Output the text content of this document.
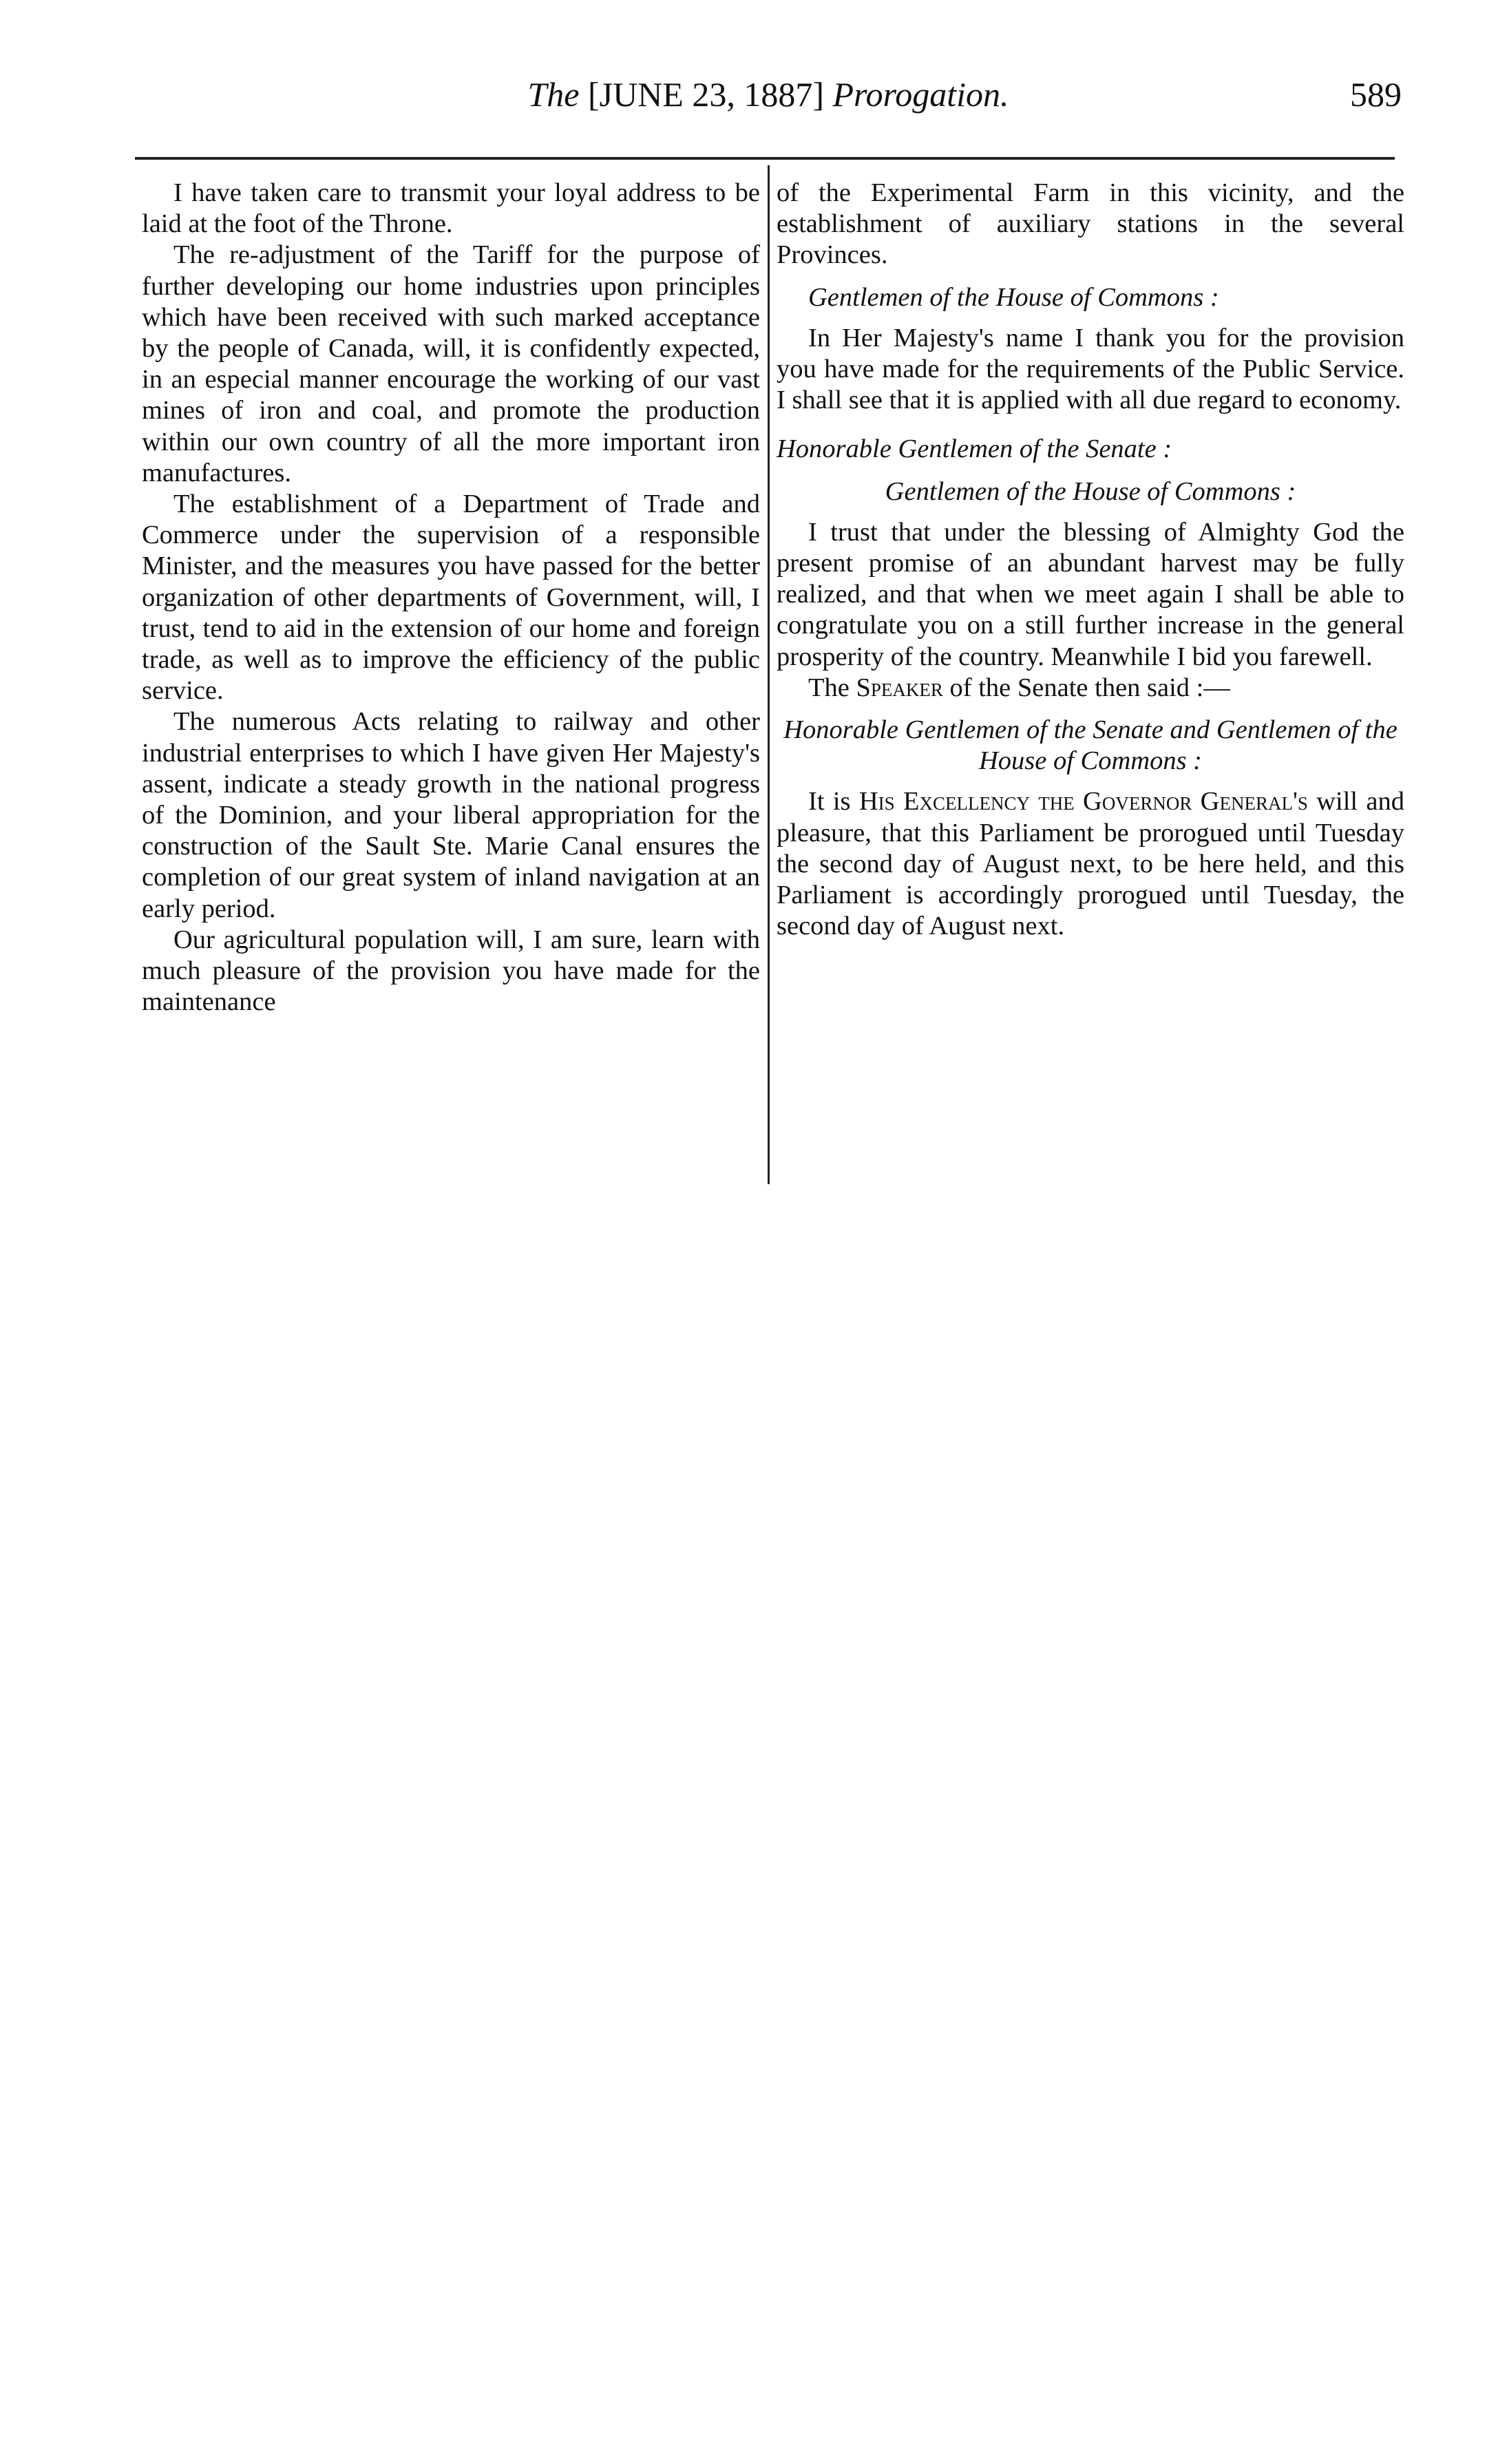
The [JUNE 23, 1887] Prorogation.	589

I have taken care to transmit your loyal address to be laid at the foot of the Throne.

The re-adjustment of the Tariff for the purpose of further developing our home industries upon principles which have been received with such marked acceptance by the people of Canada, will, it is confidently expected, in an especial manner encourage the working of our vast mines of iron and coal, and promote the production within our own country of all the more important iron manufactures.

The establishment of a Department of Trade and Commerce under the supervision of a responsible Minister, and the measures you have passed for the better organization of other departments of Government, will, I trust, tend to aid in the extension of our home and foreign trade, as well as to improve the efficiency of the public service.

The numerous Acts relating to railway and other industrial enterprises to which I have given Her Majesty's assent, indicate a steady growth in the national progress of the Dominion, and your liberal appropriation for the construction of the Sault Ste. Marie Canal ensures the completion of our great system of inland navigation at an early period.

Our agricultural population will, I am sure, learn with much pleasure of the provision you have made for the maintenance

of the Experimental Farm in this vicinity, and the establishment of auxiliary stations in the several Provinces.

Gentlemen of the House of Commons :

In Her Majesty's name I thank you for the provision you have made for the requirements of the Public Service. I shall see that it is applied with all due regard to economy.

Honorable Gentlemen of the Senate :

Gentlemen of the House of Commons :

I trust that under the blessing of Almighty God the present promise of an abundant harvest may be fully realized, and that when we meet again I shall be able to congratulate you on a still further increase in the general prosperity of the country. Meanwhile I bid you farewell.

The Speaker of the Senate then said :—

Honorable Gentlemen of the Senate and Gentlemen of the House of Commons :

It is His Excellency the Governor General's will and pleasure, that this Parliament be prorogued until Tuesday the second day of August next, to be here held, and this Parliament is accordingly prorogued until Tuesday, the second day of August next.
